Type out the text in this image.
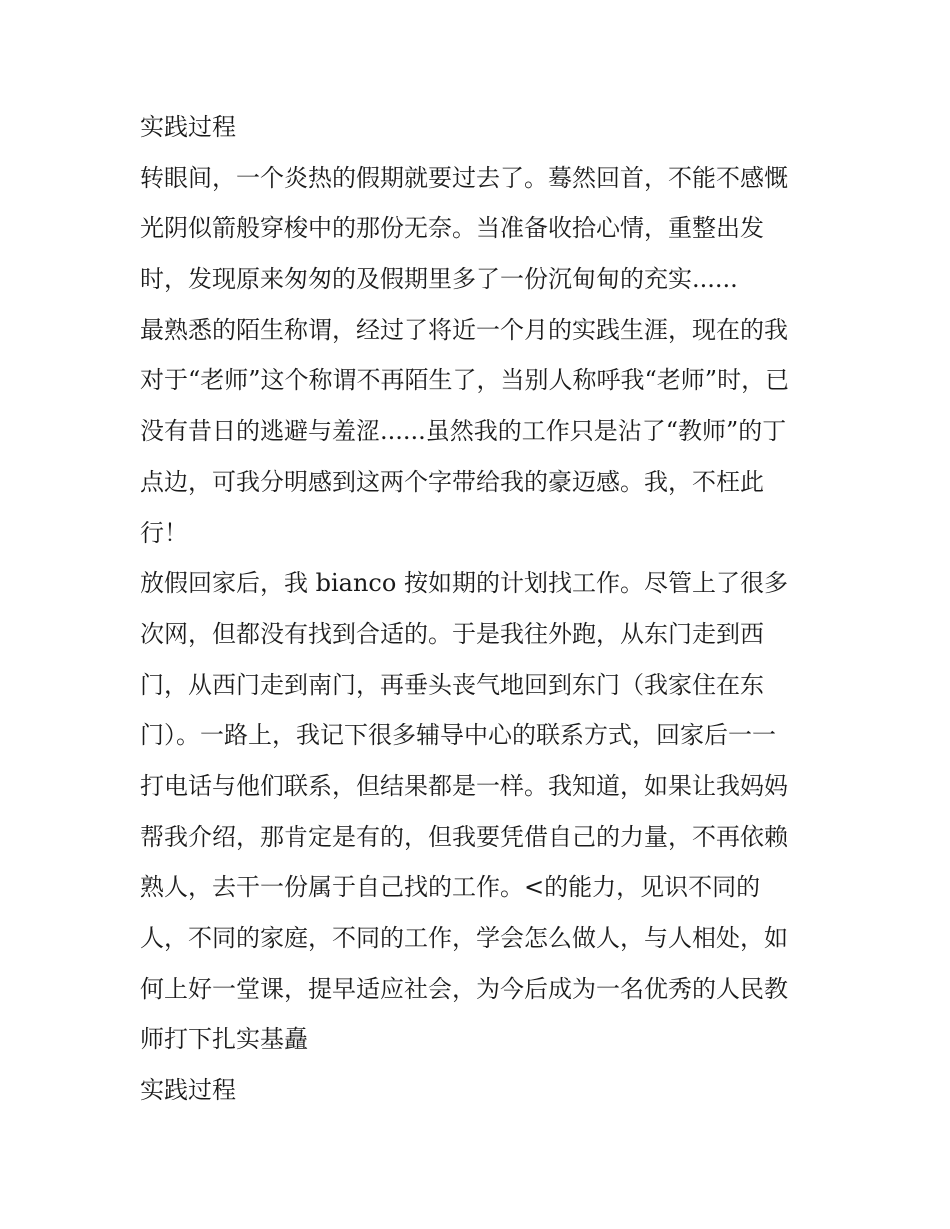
实践过程
转眼间，一个炎热的假期就要过去了。蓦然回首，不能不感慨
光阴似箭般穿梭中的那份无奈。当准备收拾心情，重整出发
时，发现原来匆匆的及假期里多了一份沉甸甸的充实......
最熟悉的陌生称谓，经过了将近一个月的实践生涯，现在的我
对于“老师”这个称谓不再陌生了，当别人称呼我“老师”时，已
没有昔日的逃避与羞涩......虽然我的工作只是沾了“教师”的丁
点边，可我分明感到这两个字带给我的豪迈感。我，不枉此
行！
放假回家后，我 bianco 按如期的计划找工作。尽管上了很多
次网，但都没有找到合适的。于是我往外跑，从东门走到西
门，从西门走到南门，再垂头丧气地回到东门（我家住在东
门）。一路上，我记下很多辅导中心的联系方式，回家后一一
打电话与他们联系，但结果都是一样。我知道，如果让我妈妈
帮我介绍，那肯定是有的，但我要凭借自己的力量，不再依赖
熟人，去干一份属于自己找的工作。<的能力，见识不同的
人，不同的家庭，不同的工作，学会怎么做人，与人相处，如
何上好一堂课，提早适应社会，为今后成为一名优秀的人民教
师打下扎实基矗
实践过程
